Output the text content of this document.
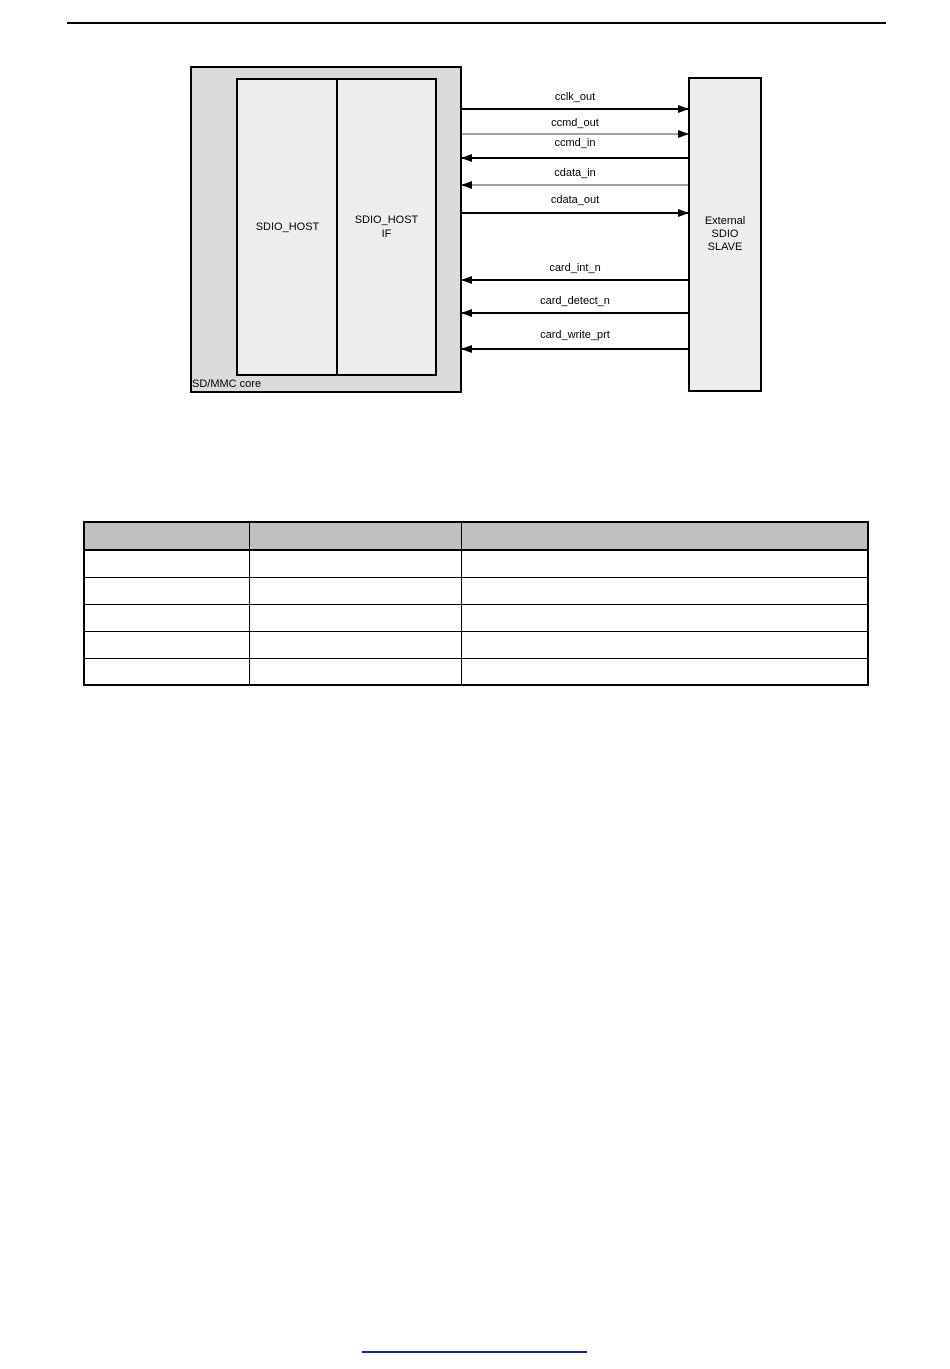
SDIO_HOST
SDIO_HOST
IF
SD/MMC core
External
SDIO
SLAVE
cclk_out
ccmd_out
ccmd_in
cdata_in
cdata_out
card_int_n
card_detect_n
card_write_prt
